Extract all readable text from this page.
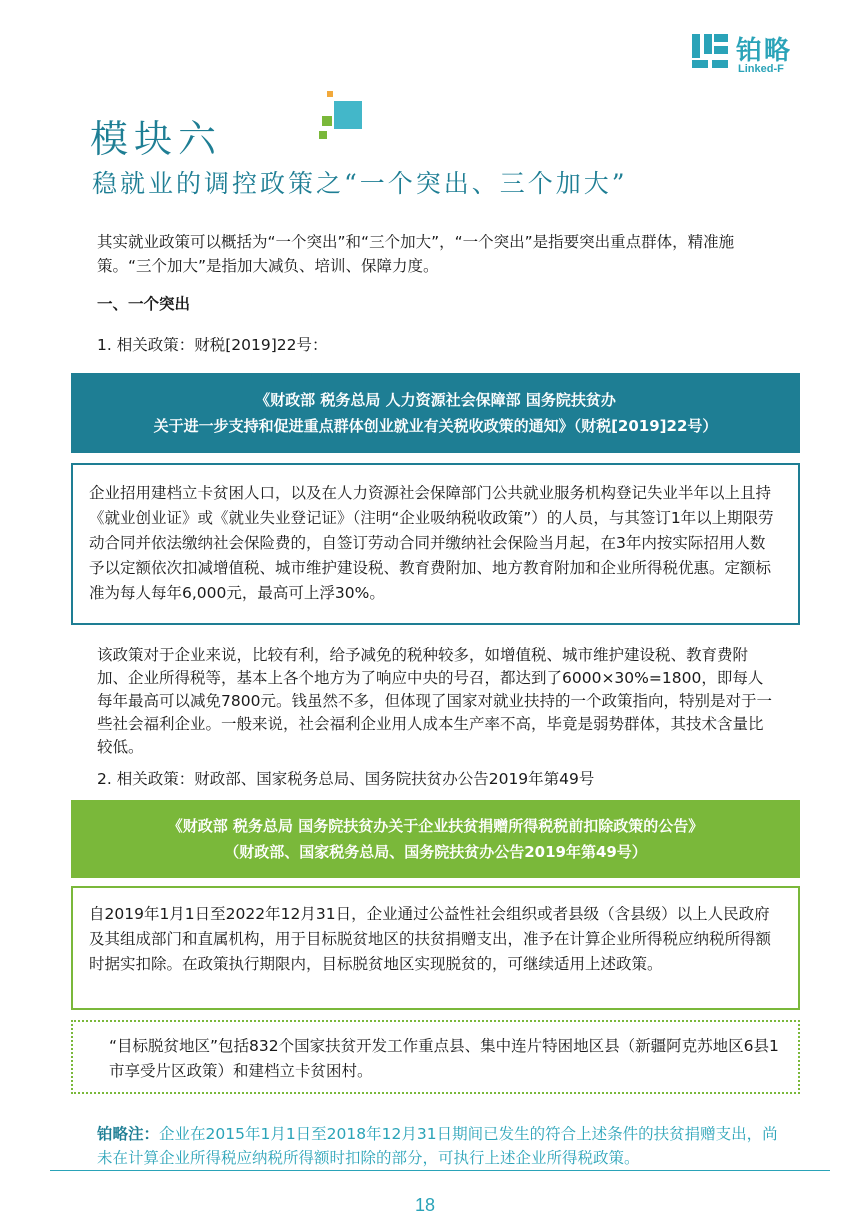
铂略
Linked-F
模块六
稳就业的调控政策之“一个突出、三个加大”

其实就业政策可以概括为“一个突出”和“三个加大”，“一个突出”是指要突出重点群体，精准施策。“三个加大”是指加大减负、培训、保障力度。

一、一个突出
1. 相关政策：财税[2019]22号：
《财政部 税务总局 人力资源社会保障部 国务院扶贫办
关于进一步支持和促进重点群体创业就业有关税收政策的通知》（财税[2019]22号）

企业招用建档立卡贫困人口，以及在人力资源社会保障部门公共就业服务机构登记失业半年以上且持《就业创业证》或《就业失业登记证》（注明“企业吸纳税收政策”）的人员，与其签订1年以上期限劳动合同并依法缴纳社会保险费的，自签订劳动合同并缴纳社会保险当月起，在3年内按实际招用人数予以定额依次扣减增值税、城市维护建设税、教育费附加、地方教育附加和企业所得税优惠。定额标准为每人每年6,000元，最高可上浮30%。

该政策对于企业来说，比较有利，给予减免的税种较多，如增值税、城市维护建设税、教育费附加、企业所得税等，基本上各个地方为了响应中央的号召，都达到了6000×30%=1800，即每人每年最高可以减免7800元。钱虽然不多，但体现了国家对就业扶持的一个政策指向，特别是对于一些社会福利企业。一般来说，社会福利企业用人成本生产率不高，毕竟是弱势群体，其技术含量比较低。

2. 相关政策：财政部、国家税务总局、国务院扶贫办公告2019年第49号
《财政部 税务总局 国务院扶贫办关于企业扶贫捐赠所得税税前扣除政策的公告》
（财政部、国家税务总局、国务院扶贫办公告2019年第49号）

自2019年1月1日至2022年12月31日，企业通过公益性社会组织或者县级（含县级）以上人民政府及其组成部门和直属机构，用于目标脱贫地区的扶贫捐赠支出，准予在计算企业所得税应纳税所得额时据实扣除。在政策执行期限内，目标脱贫地区实现脱贫的，可继续适用上述政策。

“目标脱贫地区”包括832个国家扶贫开发工作重点县、集中连片特困地区县（新疆阿克苏地区6县1市享受片区政策）和建档立卡贫困村。

铂略注：企业在2015年1月1日至2018年12月31日期间已发生的符合上述条件的扶贫捐赠支出，尚未在计算企业所得税应纳税所得额时扣除的部分，可执行上述企业所得税政策。

18
